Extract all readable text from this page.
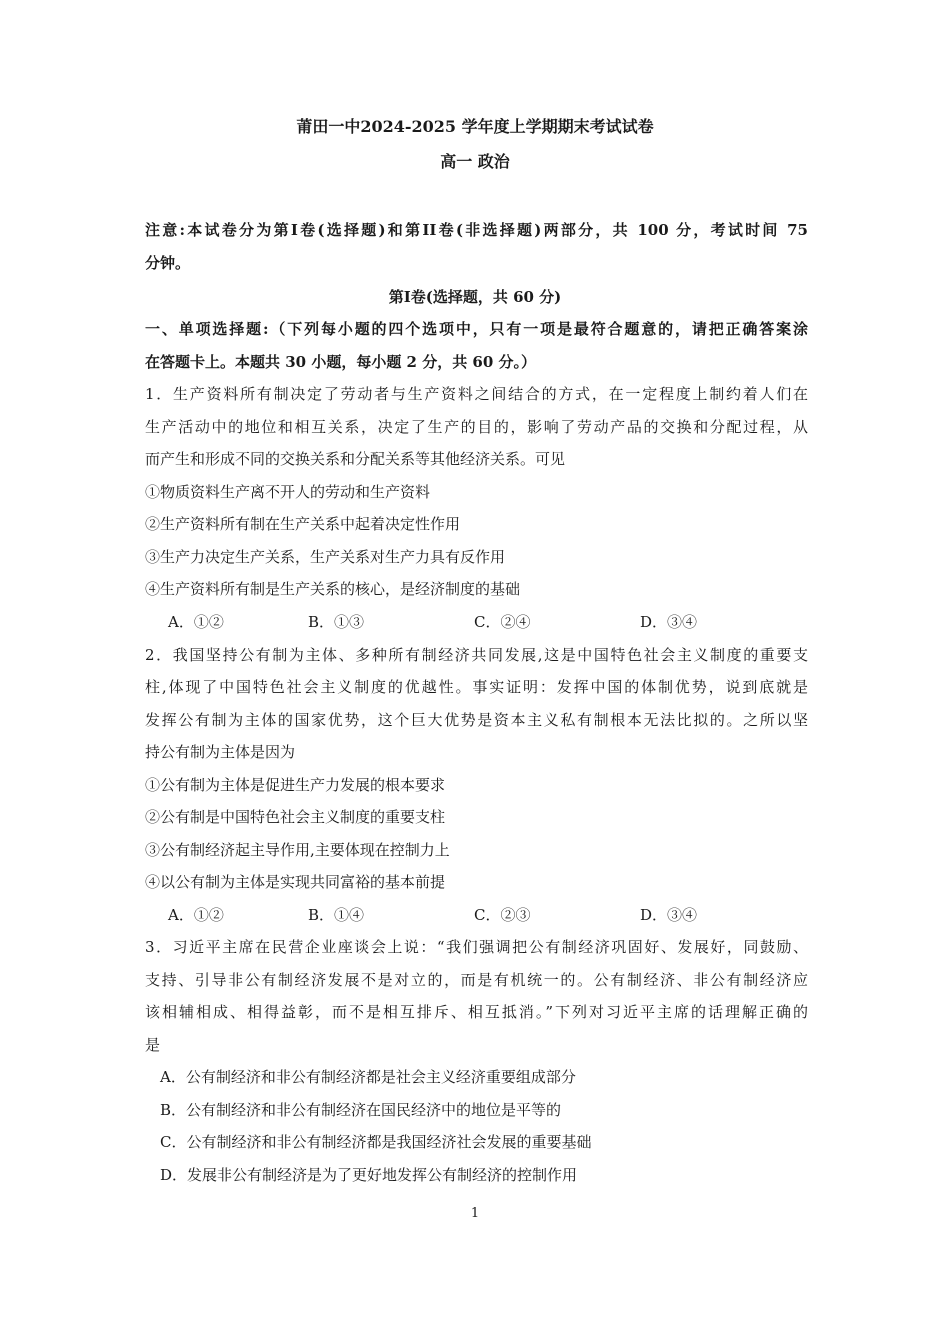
莆田一中2024-2025 学年度上学期期末考试试卷
高一 政治
注意:本试卷分为第Ⅰ卷(选择题)和第II卷(非选择题)两部分，共 100 分，考试时间 75
分钟。
第Ⅰ卷(选择题，共 60 分)
一、单项选择题:（下列每小题的四个选项中，只有一项是最符合题意的，请把正确答案涂
在答题卡上。本题共 30 小题，每小题 2 分，共 60 分。）
1．生产资料所有制决定了劳动者与生产资料之间结合的方式，在一定程度上制约着人们在
生产活动中的地位和相互关系，决定了生产的目的，影响了劳动产品的交换和分配过程，从
而产生和形成不同的交换关系和分配关系等其他经济关系。可见
①物质资料生产离不开人的劳动和生产资料
②生产资料所有制在生产关系中起着决定性作用
③生产力决定生产关系，生产关系对生产力具有反作用
④生产资料所有制是生产关系的核心，是经济制度的基础
A．①②	B．①③	C．②④	D．③④
2．我国坚持公有制为主体、多种所有制经济共同发展,这是中国特色社会主义制度的重要支
柱,体现了中国特色社会主义制度的优越性。事实证明：发挥中国的体制优势，说到底就是
发挥公有制为主体的国家优势，这个巨大优势是资本主义私有制根本无法比拟的。之所以坚
持公有制为主体是因为
①公有制为主体是促进生产力发展的根本要求
②公有制是中国特色社会主义制度的重要支柱
③公有制经济起主导作用,主要体现在控制力上
④以公有制为主体是实现共同富裕的基本前提
A．①②	B．①④	C．②③	D．③④
3．习近平主席在民营企业座谈会上说：“我们强调把公有制经济巩固好、发展好，同鼓励、
支持、引导非公有制经济发展不是对立的，而是有机统一的。公有制经济、非公有制经济应
该相辅相成、相得益彰，而不是相互排斥、相互抵消。”下列对习近平主席的话理解正确的
是
A．公有制经济和非公有制经济都是社会主义经济重要组成部分
B．公有制经济和非公有制经济在国民经济中的地位是平等的
C．公有制经济和非公有制经济都是我国经济社会发展的重要基础
D．发展非公有制经济是为了更好地发挥公有制经济的控制作用
1
